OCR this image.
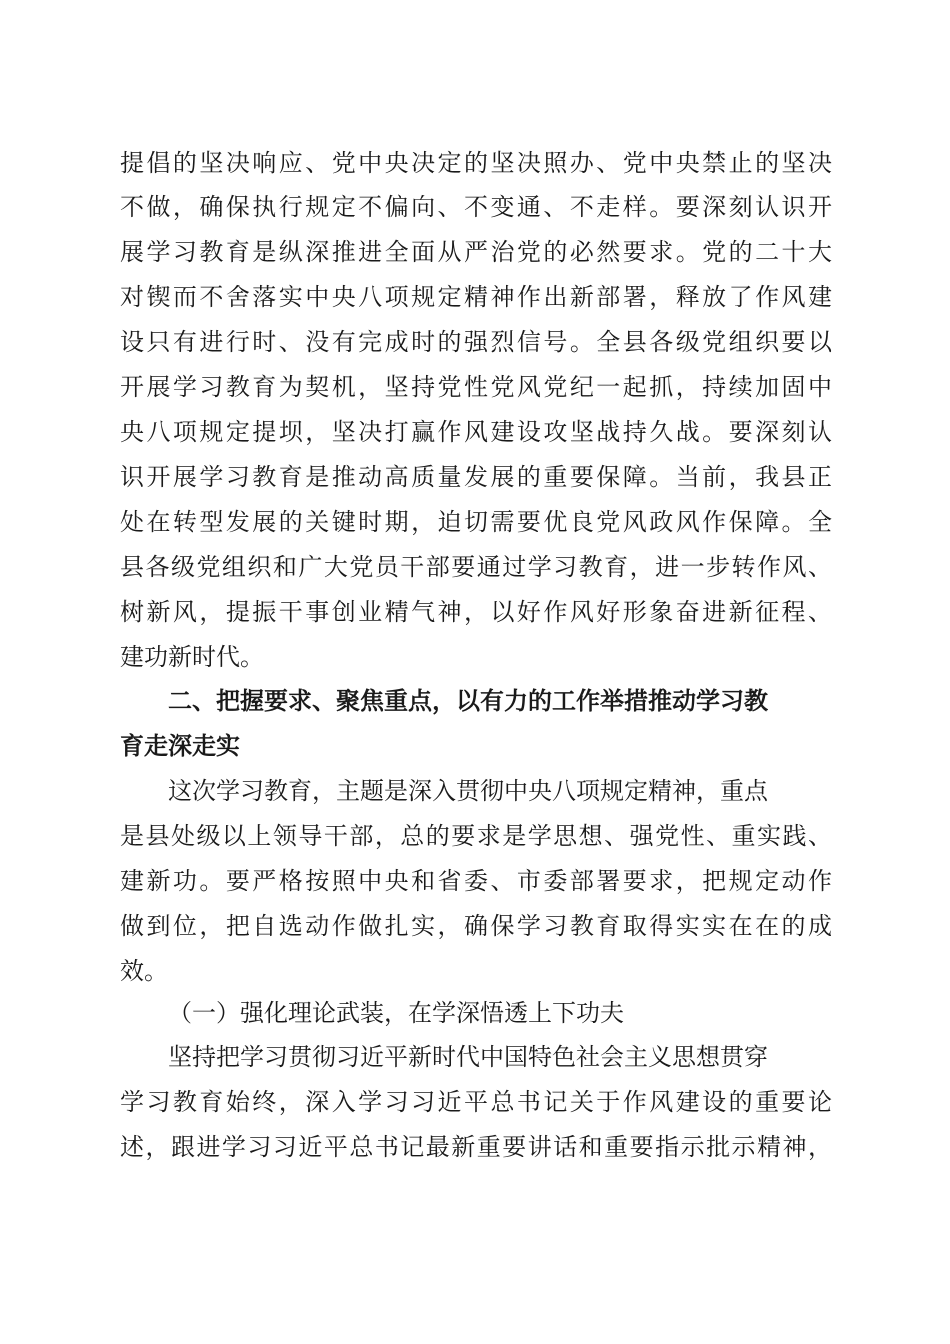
提倡的坚决响应、党中央决定的坚决照办、党中央禁止的坚决
不做，确保执行规定不偏向、不变通、不走样。要深刻认识开
展学习教育是纵深推进全面从严治党的必然要求。党的二十大
对锲而不舍落实中央八项规定精神作出新部署，释放了作风建
设只有进行时、没有完成时的强烈信号。全县各级党组织要以
开展学习教育为契机，坚持党性党风党纪一起抓，持续加固中
央八项规定提坝，坚决打赢作风建设攻坚战持久战。要深刻认
识开展学习教育是推动高质量发展的重要保障。当前，我县正
处在转型发展的关键时期，迫切需要优良党风政风作保障。全
县各级党组织和广大党员干部要通过学习教育，进一步转作风、
树新风，提振干事创业精气神，以好作风好形象奋进新征程、
建功新时代。
二、把握要求、聚焦重点，以有力的工作举措推动学习教
育走深走实
这次学习教育，主题是深入贯彻中央八项规定精神，重点
是县处级以上领导干部，总的要求是学思想、强党性、重实践、
建新功。要严格按照中央和省委、市委部署要求，把规定动作
做到位，把自选动作做扎实，确保学习教育取得实实在在的成
效。
（一）强化理论武装，在学深悟透上下功夫
坚持把学习贯彻习近平新时代中国特色社会主义思想贯穿
学习教育始终，深入学习习近平总书记关于作风建设的重要论
述，跟进学习习近平总书记最新重要讲话和重要指示批示精神，
